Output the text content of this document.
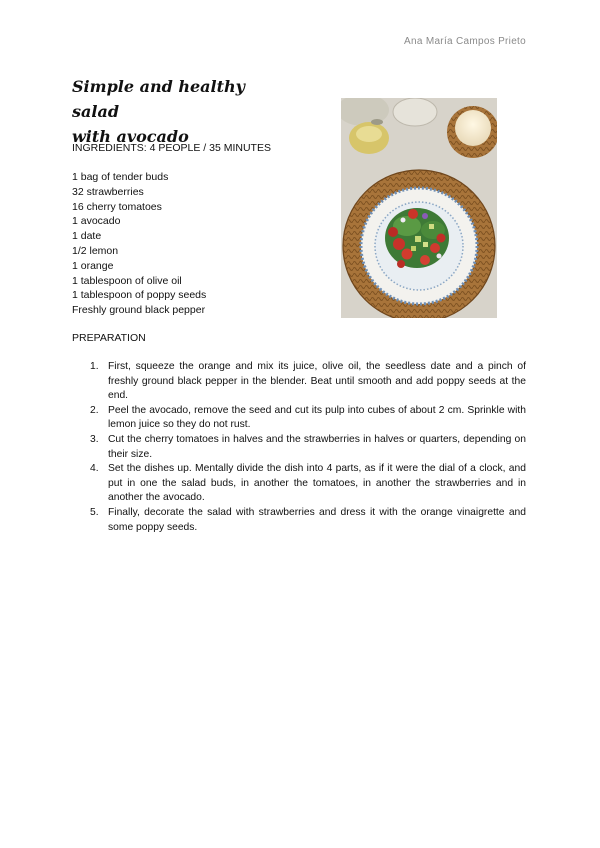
Ana María Campos Prieto
Simple and healthy salad
with avocado
INGREDIENTS: 4 PEOPLE / 35 MINUTES
1 bag of tender buds
32 strawberries
16 cherry tomatoes
1 avocado
1 date
1/2 lemon
1 orange
1 tablespoon of olive oil
1 tablespoon of poppy seeds
Freshly ground black pepper
PREPARATION
1. First, squeeze the orange and mix its juice, olive oil, the seedless date and a pinch of freshly ground black pepper in the blender. Beat until smooth and add poppy seeds at the end.
2. Peel the avocado, remove the seed and cut its pulp into cubes of about 2 cm. Sprinkle with lemon juice so they do not rust.
3. Cut the cherry tomatoes in halves and the strawberries in halves or quarters, depending on their size.
4. Set the dishes up. Mentally divide the dish into 4 parts, as if it were the dial of a clock, and put in one the salad buds, in another the tomatoes, in another the strawberries and in another the avocado.
5. Finally, decorate the salad with strawberries and dress it with the orange vinaigrette and some poppy seeds.
